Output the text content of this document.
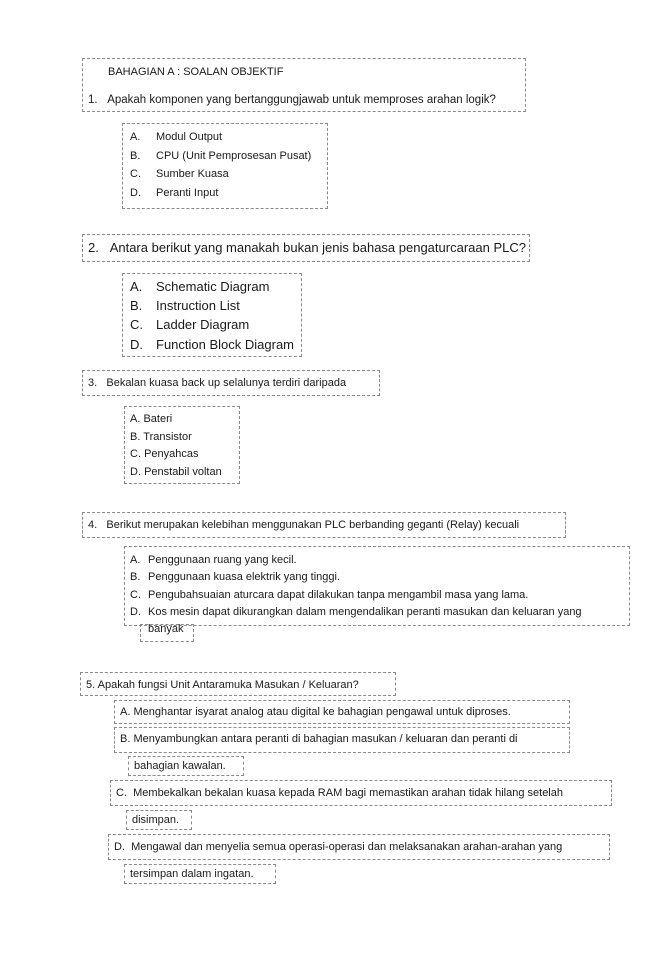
BAHAGIAN A : SOALAN OBJEKTIF
1. Apakah komponen yang bertanggungjawab untuk memproses arahan logik?
A. Modul Output
B. CPU (Unit Pemprosesan Pusat)
C. Sumber Kuasa
D. Peranti Input
2. Antara berikut yang manakah bukan jenis bahasa pengaturcaraan PLC?
A. Schematic Diagram
B. Instruction List
C. Ladder Diagram
D. Function Block Diagram
3. Bekalan kuasa back up selalunya terdiri daripada
A. Bateri
B. Transistor
C. Penyahcas
D. Penstabil voltan
4. Berikut merupakan kelebihan menggunakan PLC berbanding geganti (Relay) kecuali
A. Penggunaan ruang yang kecil.
B. Penggunaan kuasa elektrik yang tinggi.
C. Pengubahsuaian aturcara dapat dilakukan tanpa mengambil masa yang lama.
D. Kos mesin dapat dikurangkan dalam mengendalikan peranti masukan dan keluaran yang
banyak
5. Apakah fungsi Unit Antaramuka Masukan / Keluaran?
A. Menghantar isyarat analog atau digital ke bahagian pengawal untuk diproses.
B. Menyambungkan antara peranti di bahagian masukan / keluaran dan peranti di
bahagian kawalan.
C. Membekalkan bekalan kuasa kepada RAM bagi memastikan arahan tidak hilang setelah
disimpan.
D. Mengawal dan menyelia semua operasi-operasi dan melaksanakan arahan-arahan yang
tersimpan dalam ingatan.
